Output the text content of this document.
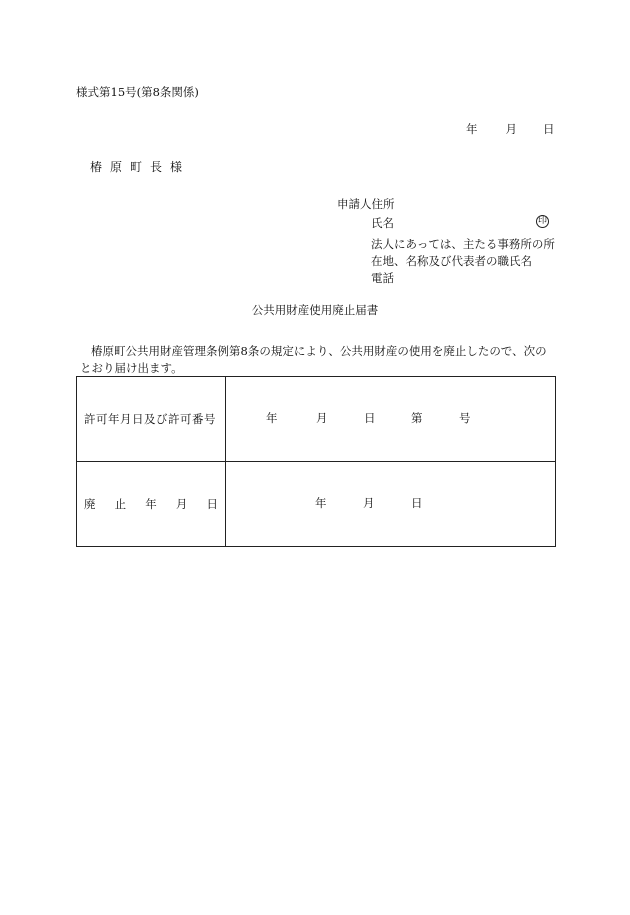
様式第15号(第8条関係)
年 月 日
椿原町長様
申請人住所
氏名	印
法人にあっては、主たる事務所の所在地、名称及び代表者の職氏名
電話
公共用財産使用廃止届書
椿原町公共用財産管理条例第8条の規定により、公共用財産の使用を廃止したので、次のとおり届け出ます。
許可年月日及び許可番号	年 月 日 第 号

廃 止 年 月 日	年 月 日
